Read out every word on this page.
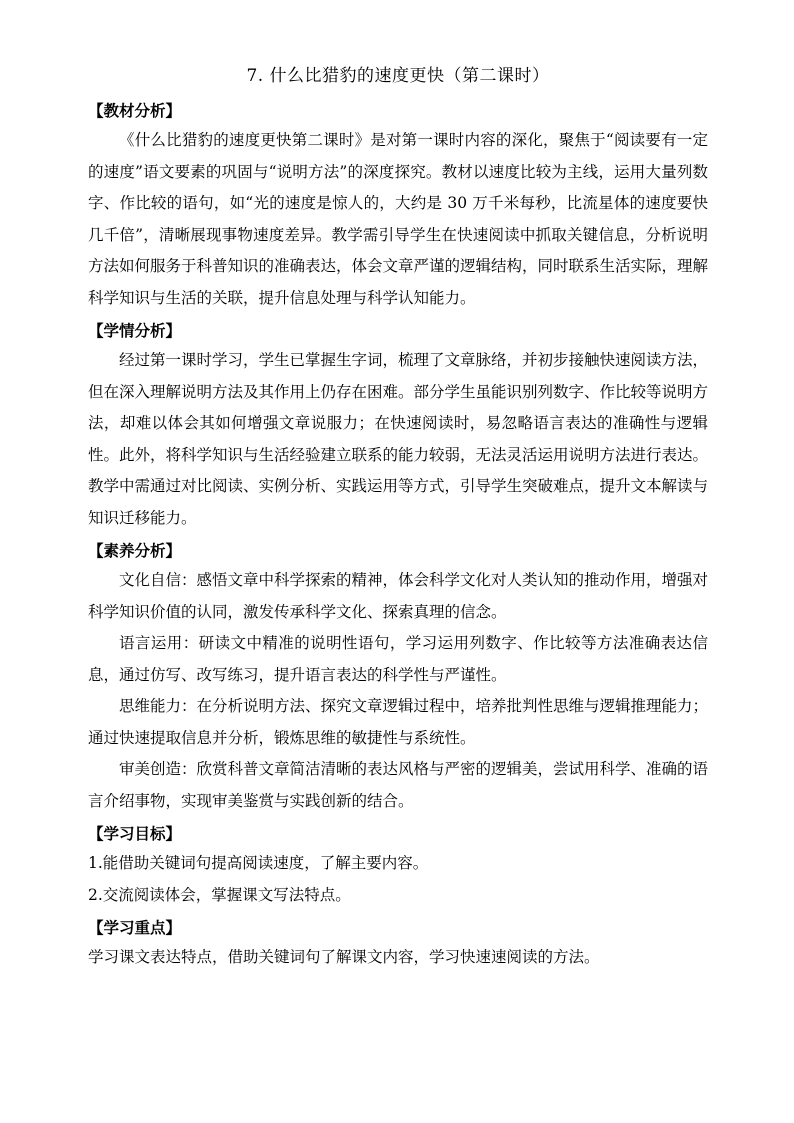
7. 什么比猎豹的速度更快（第二课时）
【教材分析】

《什么比猎豹的速度更快第二课时》是对第一课时内容的深化，聚焦于“阅读要有一定的速度”语文要素的巩固与“说明方法”的深度探究。教材以速度比较为主线，运用大量列数字、作比较的语句，如“光的速度是惊人的，大约是 30 万千米每秒，比流星体的速度要快几千倍”，清晰展现事物速度差异。教学需引导学生在快速阅读中抓取关键信息，分析说明方法如何服务于科普知识的准确表达，体会文章严谨的逻辑结构，同时联系生活实际，理解科学知识与生活的关联，提升信息处理与科学认知能力。

【学情分析】

经过第一课时学习，学生已掌握生字词，梳理了文章脉络，并初步接触快速阅读方法，但在深入理解说明方法及其作用上仍存在困难。部分学生虽能识别列数字、作比较等说明方法，却难以体会其如何增强文章说服力；在快速阅读时，易忽略语言表达的准确性与逻辑性。此外，将科学知识与生活经验建立联系的能力较弱，无法灵活运用说明方法进行表达。教学中需通过对比阅读、实例分析、实践运用等方式，引导学生突破难点，提升文本解读与知识迁移能力。

【素养分析】

文化自信：感悟文章中科学探索的精神，体会科学文化对人类认知的推动作用，增强对科学知识价值的认同，激发传承科学文化、探索真理的信念。

语言运用：研读文中精准的说明性语句，学习运用列数字、作比较等方法准确表达信息，通过仿写、改写练习，提升语言表达的科学性与严谨性。

思维能力：在分析说明方法、探究文章逻辑过程中，培养批判性思维与逻辑推理能力；通过快速提取信息并分析，锻炼思维的敏捷性与系统性。

审美创造：欣赏科普文章简洁清晰的表达风格与严密的逻辑美，尝试用科学、准确的语言介绍事物，实现审美鉴赏与实践创新的结合。

【学习目标】

1.能借助关键词句提高阅读速度，了解主要内容。

2.交流阅读体会，掌握课文写法特点。

【学习重点】

学习课文表达特点，借助关键词句了解课文内容，学习快速速阅读的方法。
